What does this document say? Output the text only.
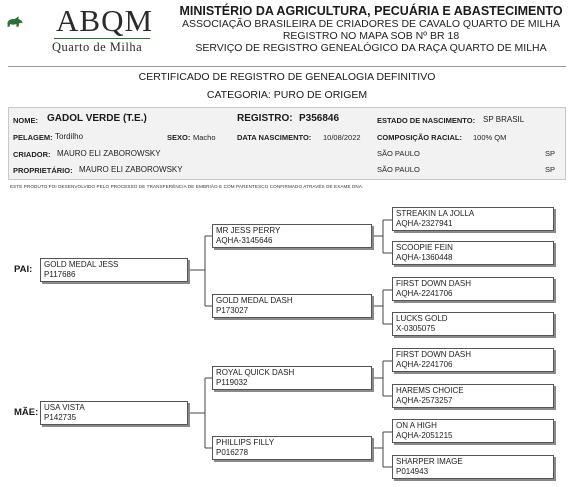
ABQM
Quarto de Milha
MINISTÉRIO DA AGRICULTURA, PECUÁRIA E ABASTECIMENTO
ASSOCIAÇÃO BRASILEIRA DE CRIADORES DE CAVALO QUARTO DE MILHA
REGISTRO NO MAPA SOB Nº BR 18
SERVIÇO DE REGISTRO GENEALÓGICO DA RAÇA QUARTO DE MILHA
CERTIFICADO DE REGISTRO DE GENEALOGIA DEFINITIVO
CATEGORIA: PURO DE ORIGEM
NOME: GADOL VERDE (T.E.)	REGISTRO: P356846	ESTADO DE NASCIMENTO: SP BRASIL
PELAGEM: Tordilho	SEXO: Macho	DATA NASCIMENTO: 10/08/2022 COMPOSIÇÃO RACIAL: 100% QM
CRIADOR: MAURO ELI ZABOROWSKY	SÃO PAULO	SP
PROPRIETÁRIO: MAURO ELI ZABOROWSKY	SÃO PAULO	SP
ESTE PRODUTO FOI DESENVOLVIDO PELO PROCESSO DE TRANSFERÊNCIA DE EMBRIÃO E COM PARENTESCO CONFIRMADO ATRAVÉS DE EXAME DNA.
PAI:
MÃE:
GOLD MEDAL JESS
P117686
USA VISTA
P142735
MR JESS PERRY
AQHA-3145646
GOLD MEDAL DASH
P173027
ROYAL QUICK DASH
P119032
PHILLIPS FILLY
P016278
STREAKIN LA JOLLA
AQHA-2327941
SCOOPIE FEIN
AQHA-1360448
FIRST DOWN DASH
AQHA-2241706
LUCKS GOLD
X-0305075
FIRST DOWN DASH
AQHA-2241706
HAREMS CHOICE
AQHA-2573257
ON A HIGH
AQHA-2051215
SHARPER IMAGE
P014943
